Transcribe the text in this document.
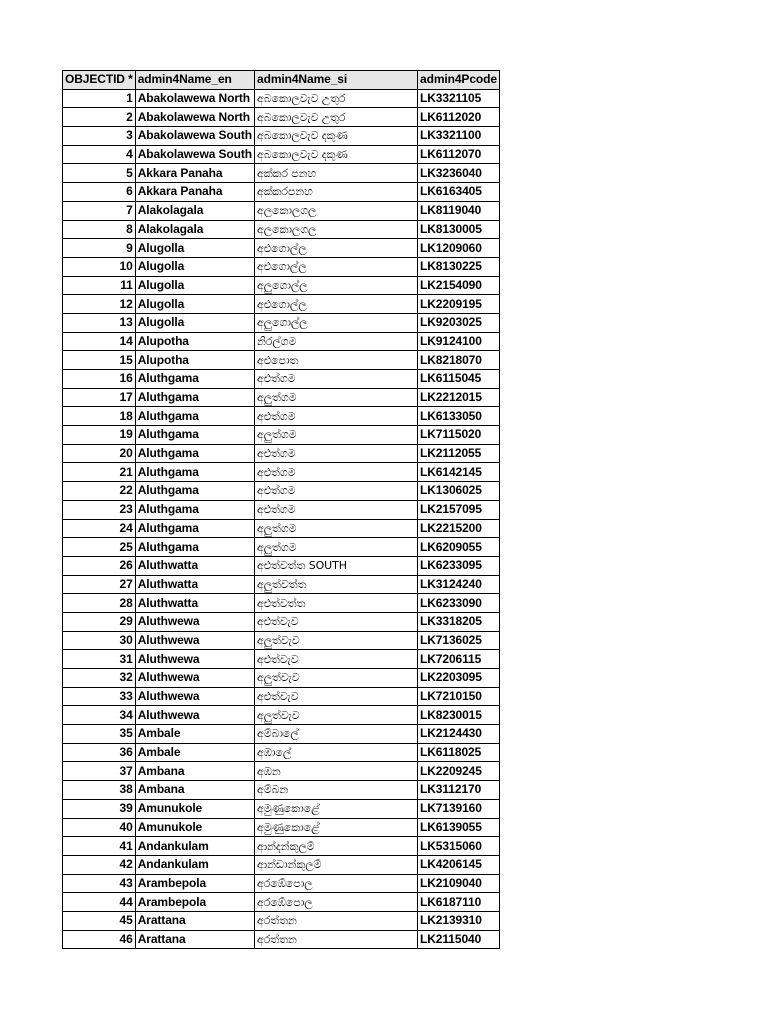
OBJECTID *	admin4Name_en	admin4Name_si	admin4Pcode
1	Abakolawewa North	අබකොලවැව උතුර	LK3321105
2	Abakolawewa North	අබකොලවැව උතුර	LK6112020
3	Abakolawewa South	අබකොලවැව දකුණ	LK3321100
4	Abakolawewa South	අබකොලවැව දකුණ	LK6112070
5	Akkara Panaha	අක්කර පනහ	LK3236040
6	Akkara Panaha	අක්කරපනහ	LK6163405
7	Alakolagala	අලකොලගල	LK8119040
8	Alakolagala	අලකොලගල	LK8130005
9	Alugolla	අළුගොල්ල	LK1209060
10	Alugolla	අළුගොල්ල	LK8130225
11	Alugolla	අලුගොල්ල	LK2154090
12	Alugolla	අළුගොල්ල	LK2209195
13	Alugolla	අලුගොල්ල	LK9203025
14	Alupotha	නිරල්ගම	LK9124100
15	Alupotha	අළුපොත	LK8218070
16	Aluthgama	අළුත්ගම	LK6115045
17	Aluthgama	අලුත්ගම	LK2212015
18	Aluthgama	අළුත්ගම	LK6133050
19	Aluthgama	අලුත්ගම	LK7115020
20	Aluthgama	අළුත්ගම	LK2112055
21	Aluthgama	අළුත්ගම	LK6142145
22	Aluthgama	අළුත්ගම	LK1306025
23	Aluthgama	අළුත්ගම	LK2157095
24	Aluthgama	අලුත්ගම	LK2215200
25	Aluthgama	අලුත්ගම	LK6209055
26	Aluthwatta	අළුත්වත්ත SOUTH	LK6233095
27	Aluthwatta	අලුත්වත්ත	LK3124240
28	Aluthwatta	අළුත්වත්ත	LK6233090
29	Aluthwewa	අළුත්වැව	LK3318205
30	Aluthwewa	අලුත්වැව	LK7136025
31	Aluthwewa	අළුත්වැව	LK7206115
32	Aluthwewa	අලුත්වැව	LK2203095
33	Aluthwewa	අළුත්වැව	LK7210150
34	Aluthwewa	අලුත්වැව	LK8230015
35	Ambale	අම්බාලේ	LK2124430
36	Ambale	අඹාලේ	LK6118025
37	Ambana	අඹන	LK2209245
38	Ambana	අම්බන	LK3112170
39	Amunukole	අමුණුකොළේ	LK7139160
40	Amunukole	අමුණුකොළේ	LK6139055
41	Andankulam	ආන්දන්කුලම්	LK5315060
42	Andankulam	ආන්ඩාන්කුලම්	LK4206145
43	Arambepola	අරඹේපොල	LK2109040
44	Arambepola	අරඹේපොල	LK6187110
45	Arattana	අරත්තන	LK2139310
46	Arattana	අරත්තන	LK2115040
